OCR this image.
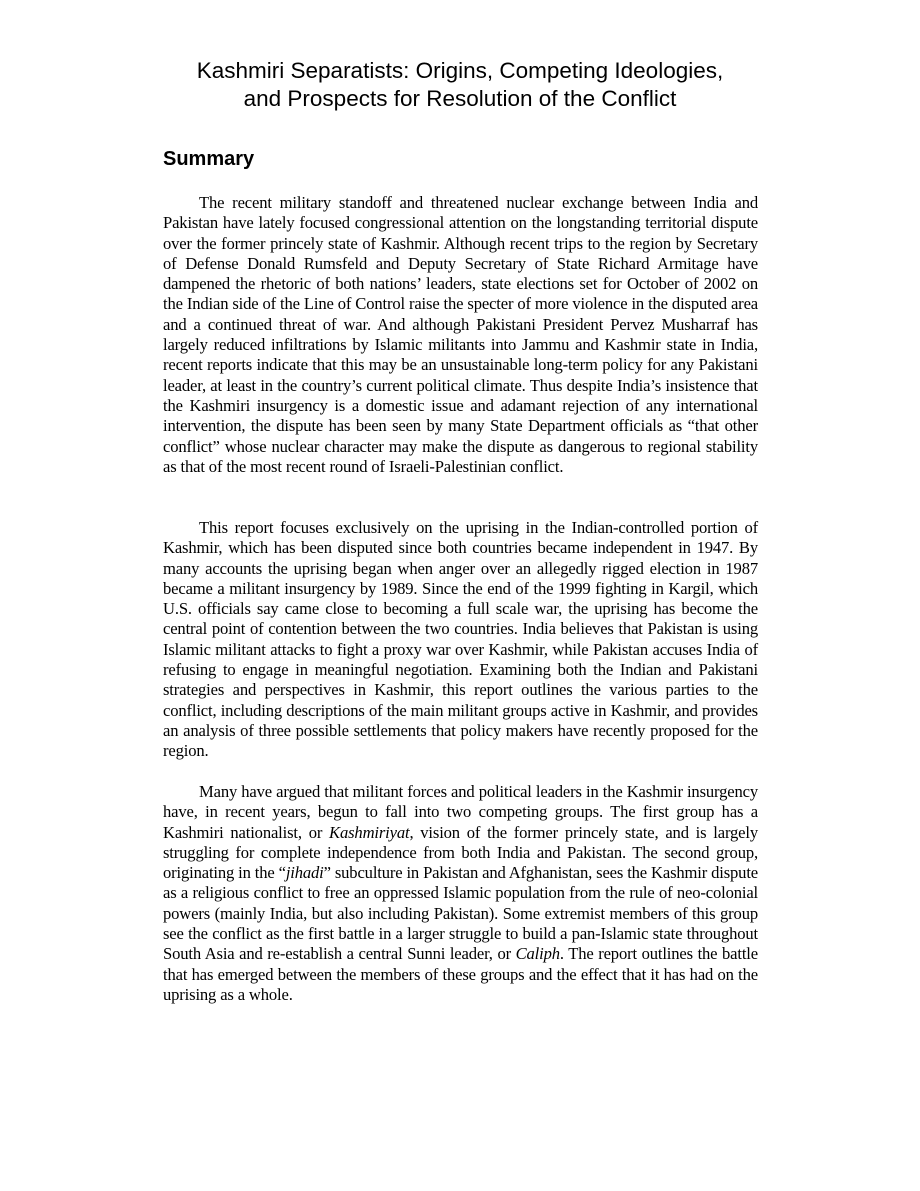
Kashmiri Separatists: Origins, Competing Ideologies,
and Prospects for Resolution of the Conflict
Summary

The recent military standoff and threatened nuclear exchange between India and Pakistan have lately focused congressional attention on the longstanding territorial dispute over the former princely state of Kashmir. Although recent trips to the region by Secretary of Defense Donald Rumsfeld and Deputy Secretary of State Richard Armitage have dampened the rhetoric of both nations’ leaders, state elections set for October of 2002 on the Indian side of the Line of Control raise the specter of more violence in the disputed area and a continued threat of war. And although Pakistani President Pervez Musharraf has largely reduced infiltrations by Islamic militants into Jammu and Kashmir state in India, recent reports indicate that this may be an unsustainable long-term policy for any Pakistani leader, at least in the country’s current political climate. Thus despite India’s insistence that the Kashmiri insurgency is a domestic issue and adamant rejection of any international intervention, the dispute has been seen by many State Department officials as “that other conflict” whose nuclear character may make the dispute as dangerous to regional stability as that of the most recent round of Israeli-Palestinian conflict.

This report focuses exclusively on the uprising in the Indian-controlled portion of Kashmir, which has been disputed since both countries became independent in 1947. By many accounts the uprising began when anger over an allegedly rigged election in 1987 became a militant insurgency by 1989. Since the end of the 1999 fighting in Kargil, which U.S. officials say came close to becoming a full scale war, the uprising has become the central point of contention between the two countries. India believes that Pakistan is using Islamic militant attacks to fight a proxy war over Kashmir, while Pakistan accuses India of refusing to engage in meaningful negotiation. Examining both the Indian and Pakistani strategies and perspectives in Kashmir, this report outlines the various parties to the conflict, including descriptions of the main militant groups active in Kashmir, and provides an analysis of three possible settlements that policy makers have recently proposed for the region.

Many have argued that militant forces and political leaders in the Kashmir insurgency have, in recent years, begun to fall into two competing groups. The first group has a Kashmiri nationalist, or Kashmiriyat, vision of the former princely state, and is largely struggling for complete independence from both India and Pakistan. The second group, originating in the “jihadi” subculture in Pakistan and Afghanistan, sees the Kashmir dispute as a religious conflict to free an oppressed Islamic population from the rule of neo-colonial powers (mainly India, but also including Pakistan). Some extremist members of this group see the conflict as the first battle in a larger struggle to build a pan-Islamic state throughout South Asia and re-establish a central Sunni leader, or Caliph. The report outlines the battle that has emerged between the members of these groups and the effect that it has had on the uprising as a whole.
